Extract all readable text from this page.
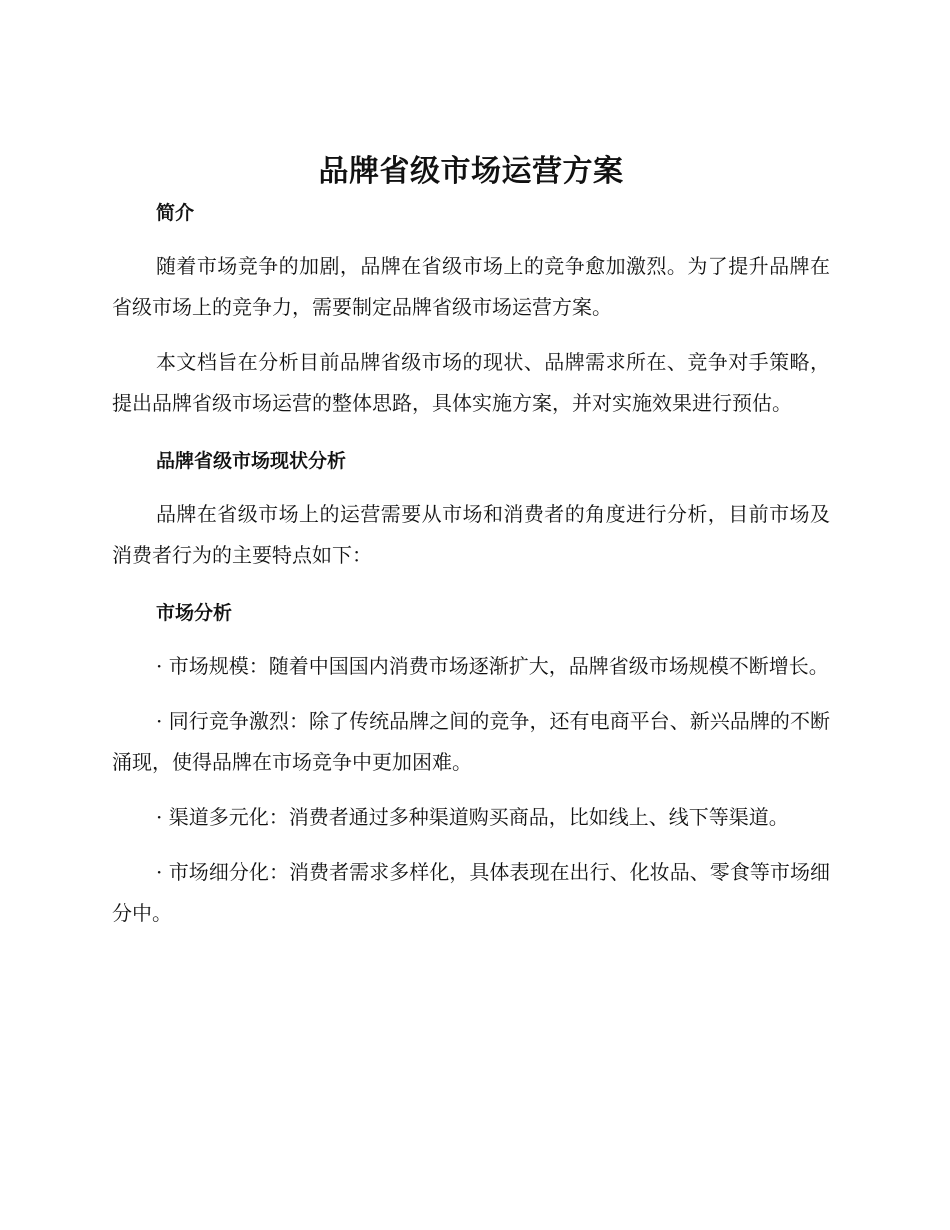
品牌省级市场运营方案
简介

随着市场竞争的加剧，品牌在省级市场上的竞争愈加激烈。为了提升品牌在省级市场上的竞争力，需要制定品牌省级市场运营方案。

本文档旨在分析目前品牌省级市场的现状、品牌需求所在、竞争对手策略，提出品牌省级市场运营的整体思路，具体实施方案，并对实施效果进行预估。

品牌省级市场现状分析

品牌在省级市场上的运营需要从市场和消费者的角度进行分析，目前市场及消费者行为的主要特点如下：

市场分析

· 市场规模：随着中国国内消费市场逐渐扩大，品牌省级市场规模不断增长。

· 同行竞争激烈：除了传统品牌之间的竞争，还有电商平台、新兴品牌的不断涌现，使得品牌在市场竞争中更加困难。

· 渠道多元化：消费者通过多种渠道购买商品，比如线上、线下等渠道。

· 市场细分化：消费者需求多样化，具体表现在出行、化妆品、零食等市场细分中。
